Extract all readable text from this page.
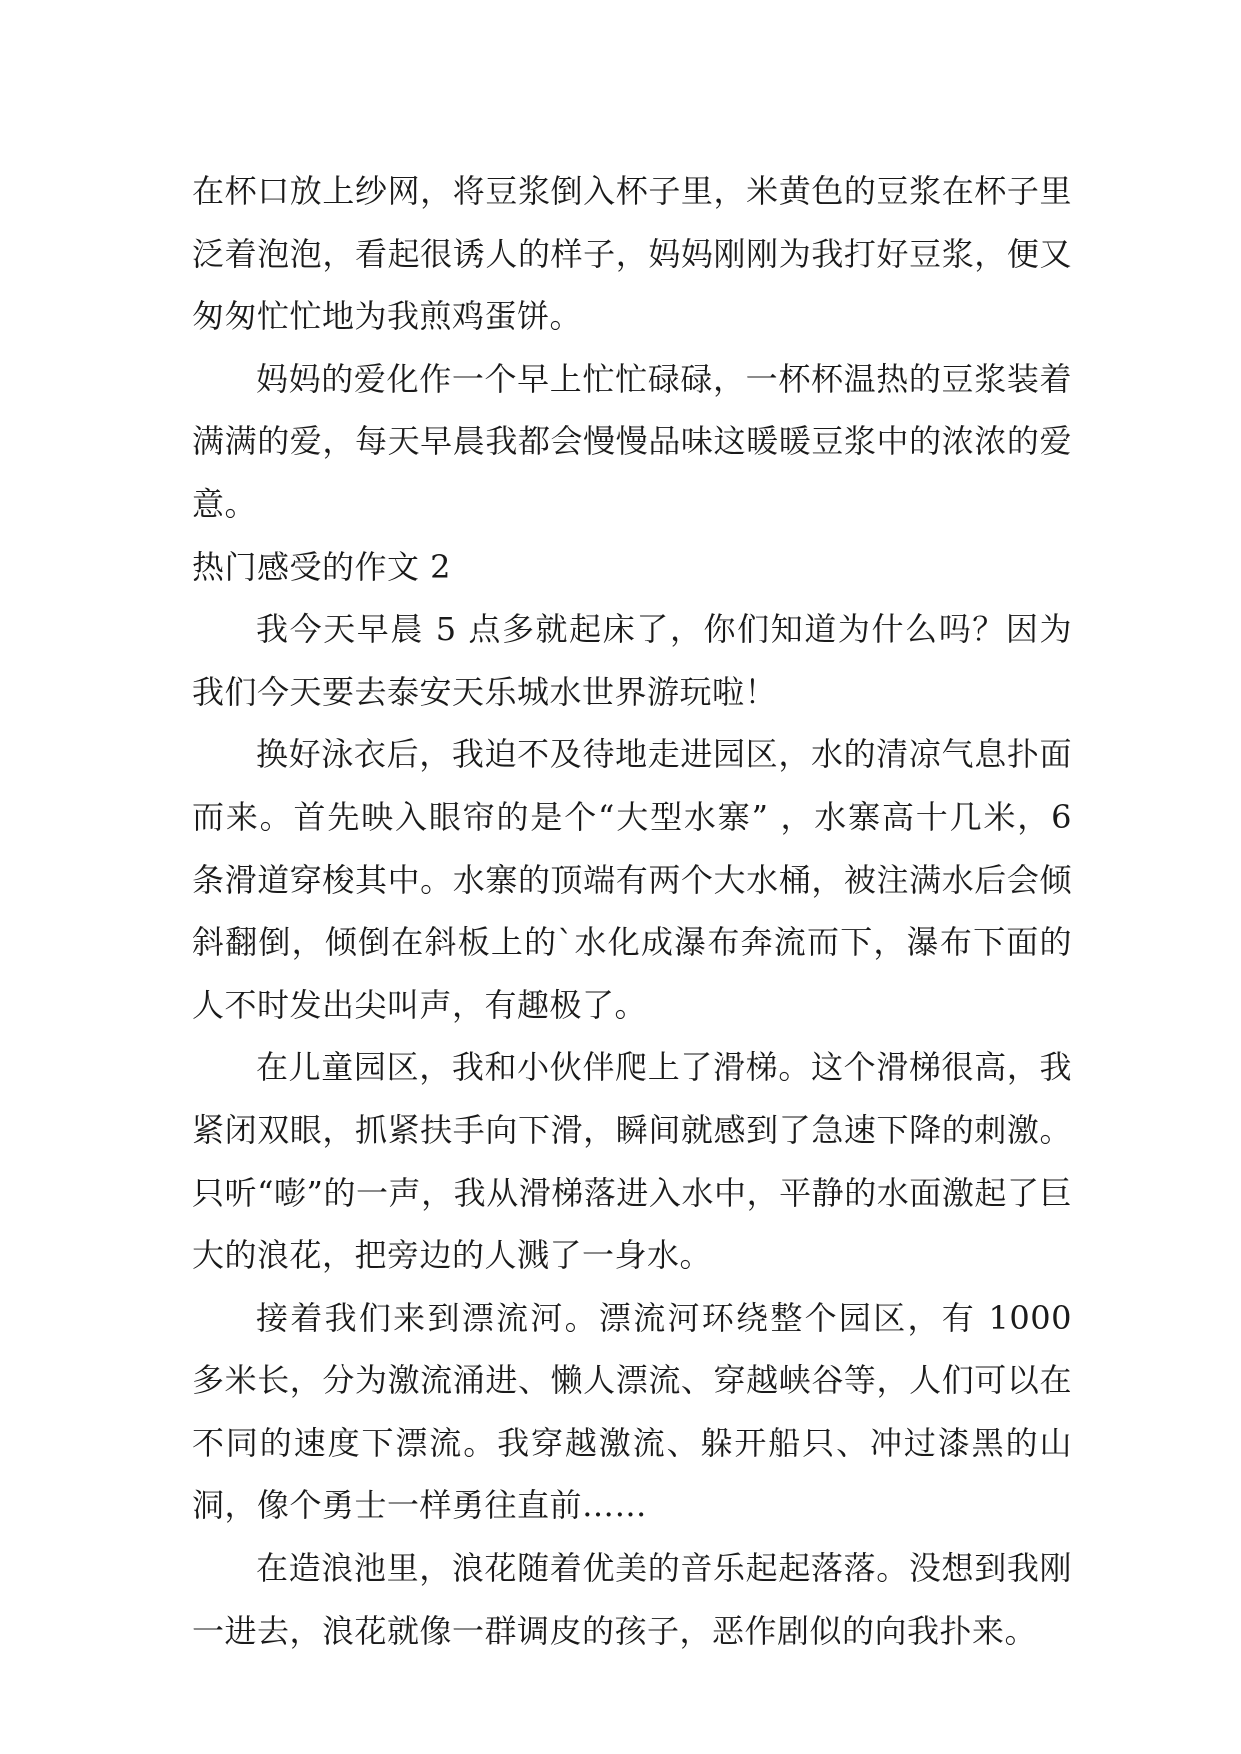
在杯口放上纱网，将豆浆倒入杯子里，米黄色的豆浆在杯子里泛着泡泡，看起很诱人的样子，妈妈刚刚为我打好豆浆，便又匆匆忙忙地为我煎鸡蛋饼。

妈妈的爱化作一个早上忙忙碌碌，一杯杯温热的豆浆装着满满的爱，每天早晨我都会慢慢品味这暖暖豆浆中的浓浓的爱意。

热门感受的作文 2

我今天早晨 5 点多就起床了，你们知道为什么吗？因为我们今天要去泰安天乐城水世界游玩啦！

换好泳衣后，我迫不及待地走进园区，水的清凉气息扑面而来。首先映入眼帘的是个“大型水寨” ，水寨高十几米，6 条滑道穿梭其中。水寨的顶端有两个大水桶，被注满水后会倾斜翻倒，倾倒在斜板上的`水化成瀑布奔流而下，瀑布下面的人不时发出尖叫声，有趣极了。

在儿童园区，我和小伙伴爬上了滑梯。这个滑梯很高，我紧闭双眼，抓紧扶手向下滑，瞬间就感到了急速下降的刺激。只听“嘭”的一声，我从滑梯落进入水中，平静的水面激起了巨大的浪花，把旁边的人溅了一身水。

接着我们来到漂流河。漂流河环绕整个园区，有 1000 多米长，分为激流涌进、懒人漂流、穿越峡谷等，人们可以在不同的速度下漂流。我穿越激流、躲开船只、冲过漆黑的山洞，像个勇士一样勇往直前……

在造浪池里，浪花随着优美的音乐起起落落。没想到我刚一进去，浪花就像一群调皮的孩子，恶作剧似的向我扑来。
